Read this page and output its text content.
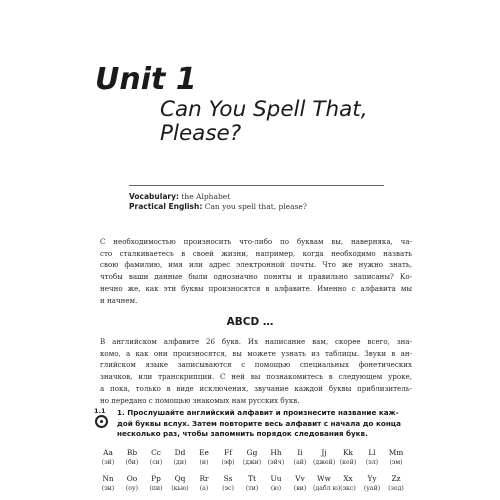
Unit 1
Can You Spell That,
Please?
Vocabulary: the Alphabet
Practical English: Can you spell that, please?
С необходимостью произносить что-либо по буквам вы, наверняка, ча-
сто сталкиваетесь в своей жизни, например, когда необходимо назвать
свою фамилию, имя или адрес электронной почты. Что же нужно знать,
чтобы ваши данные были однозначно поняты и правильно записаны? Ко-
нечно же, как эти буквы произносятся в алфавите. Именно с алфавита мы
и начнем.
ABCD …
В английском алфавите 26 букв. Их написание вам, скорее всего, зна-
комо, а как они произносятся, вы можете узнать из таблицы. Звуки в ан-
глийском языке записываются с помощью специальных фонетических
значков, или транскрипции. С ней вы познакомитесь в следующем уроке,
а пока, только в виде исключения, звучание каждой буквы приблизитель-
но передано с помощью знакомых нам русских букв.
1.1	1. Прослушайте английский алфавит и произнесите название каж-
дой буквы вслух. Затем повторите весь алфавит с начала до конца
несколько раз, чтобы запомнить порядок следования букв.
Aa
(эй)
Bb
(би)
Cc
(си)
Dd
(ди)
Ee
(и)
Ff
(эф)
Gg
(джи)
Hh
(эйч)
Ii
(ай)
Jj
(джей)
Kk
(кей)
Ll
(эл)
Mm
(эм)
Nn
(эн)
Oo
(оу)
Pp
(пи)
Qq
(кью)
Rr
(а)
Ss
(эс)
Tt
(ти)
Uu
(ю)
Vv
(ви)
Ww
(дабл ю)
Xx
(экс)
Yy
(уай)
Zz
(зед)
